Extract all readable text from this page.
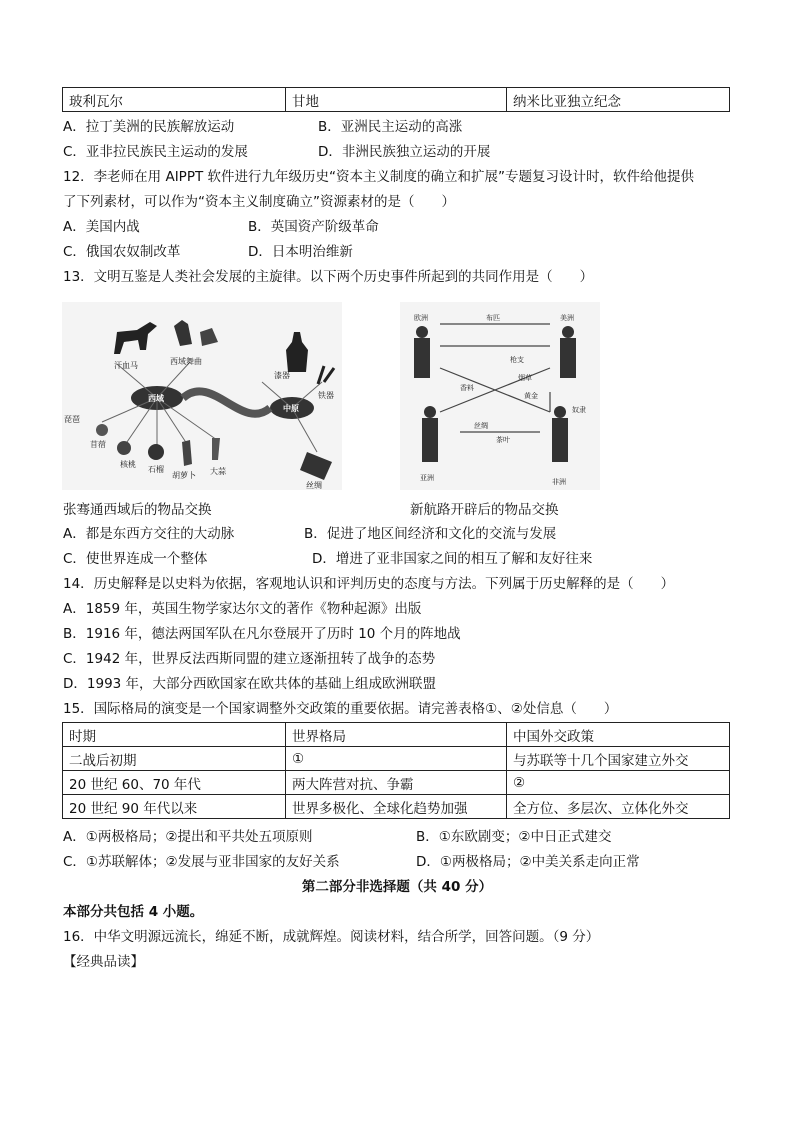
玻利瓦尔	甘地	纳米比亚独立纪念
A．拉丁美洲的民族解放运动	B．亚洲民主运动的高涨
C．亚非拉民族民主运动的发展	D．非洲民族独立运动的开展
12．李老师在用 AIPPT 软件进行九年级历史“资本主义制度的确立和扩展”专题复习设计时，软件给他提供
了下列素材，可以作为“资本主义制度确立”资源素材的是（　　）
A．美国内战	B．英国资产阶级革命
C．俄国农奴制改革	D．日本明治维新
13．文明互鉴是人类社会发展的主旋律。以下两个历史事件所起到的共同作用是（　　）
汗血马	西域舞曲
西域
中原
苜蓿
琵琶
核桃
石榴
胡萝卜 大蒜
丝绸
漆器
铁器
欧洲	美洲
非洲
亚洲
布匹
枪支
奴隶
香料
丝绸
茶叶
烟草
黄金
张骞通西域后的物品交换	新航路开辟后的物品交换
A．都是东西方交往的大动脉	B．促进了地区间经济和文化的交流与发展
C．使世界连成一个整体	D．增进了亚非国家之间的相互了解和友好往来
14．历史解释是以史料为依据，客观地认识和评判历史的态度与方法。下列属于历史解释的是（　　）
A．1859 年，英国生物学家达尔文的著作《物种起源》出版
B．1916 年，德法两国军队在凡尔登展开了历时 10 个月的阵地战
C．1942 年，世界反法西斯同盟的建立逐渐扭转了战争的态势
D．1993 年，大部分西欧国家在欧共体的基础上组成欧洲联盟
15．国际格局的演变是一个国家调整外交政策的重要依据。请完善表格①、②处信息（　　）
时期	世界格局	中国外交政策
二战后初期	①	与苏联等十几个国家建立外交
20 世纪 60、70 年代	两大阵营对抗、争霸	②
20 世纪 90 年代以来	世界多极化、全球化趋势加强	全方位、多层次、立体化外交
A．①两极格局；②提出和平共处五项原则	B．①东欧剧变；②中日正式建交
C．①苏联解体；②发展与亚非国家的友好关系	D．①两极格局；②中美关系走向正常
第二部分非选择题（共 40 分）
本部分共包括 4 小题。
16．中华文明源远流长，绵延不断，成就辉煌。阅读材料，结合所学，回答问题。（9 分）
【经典品读】
